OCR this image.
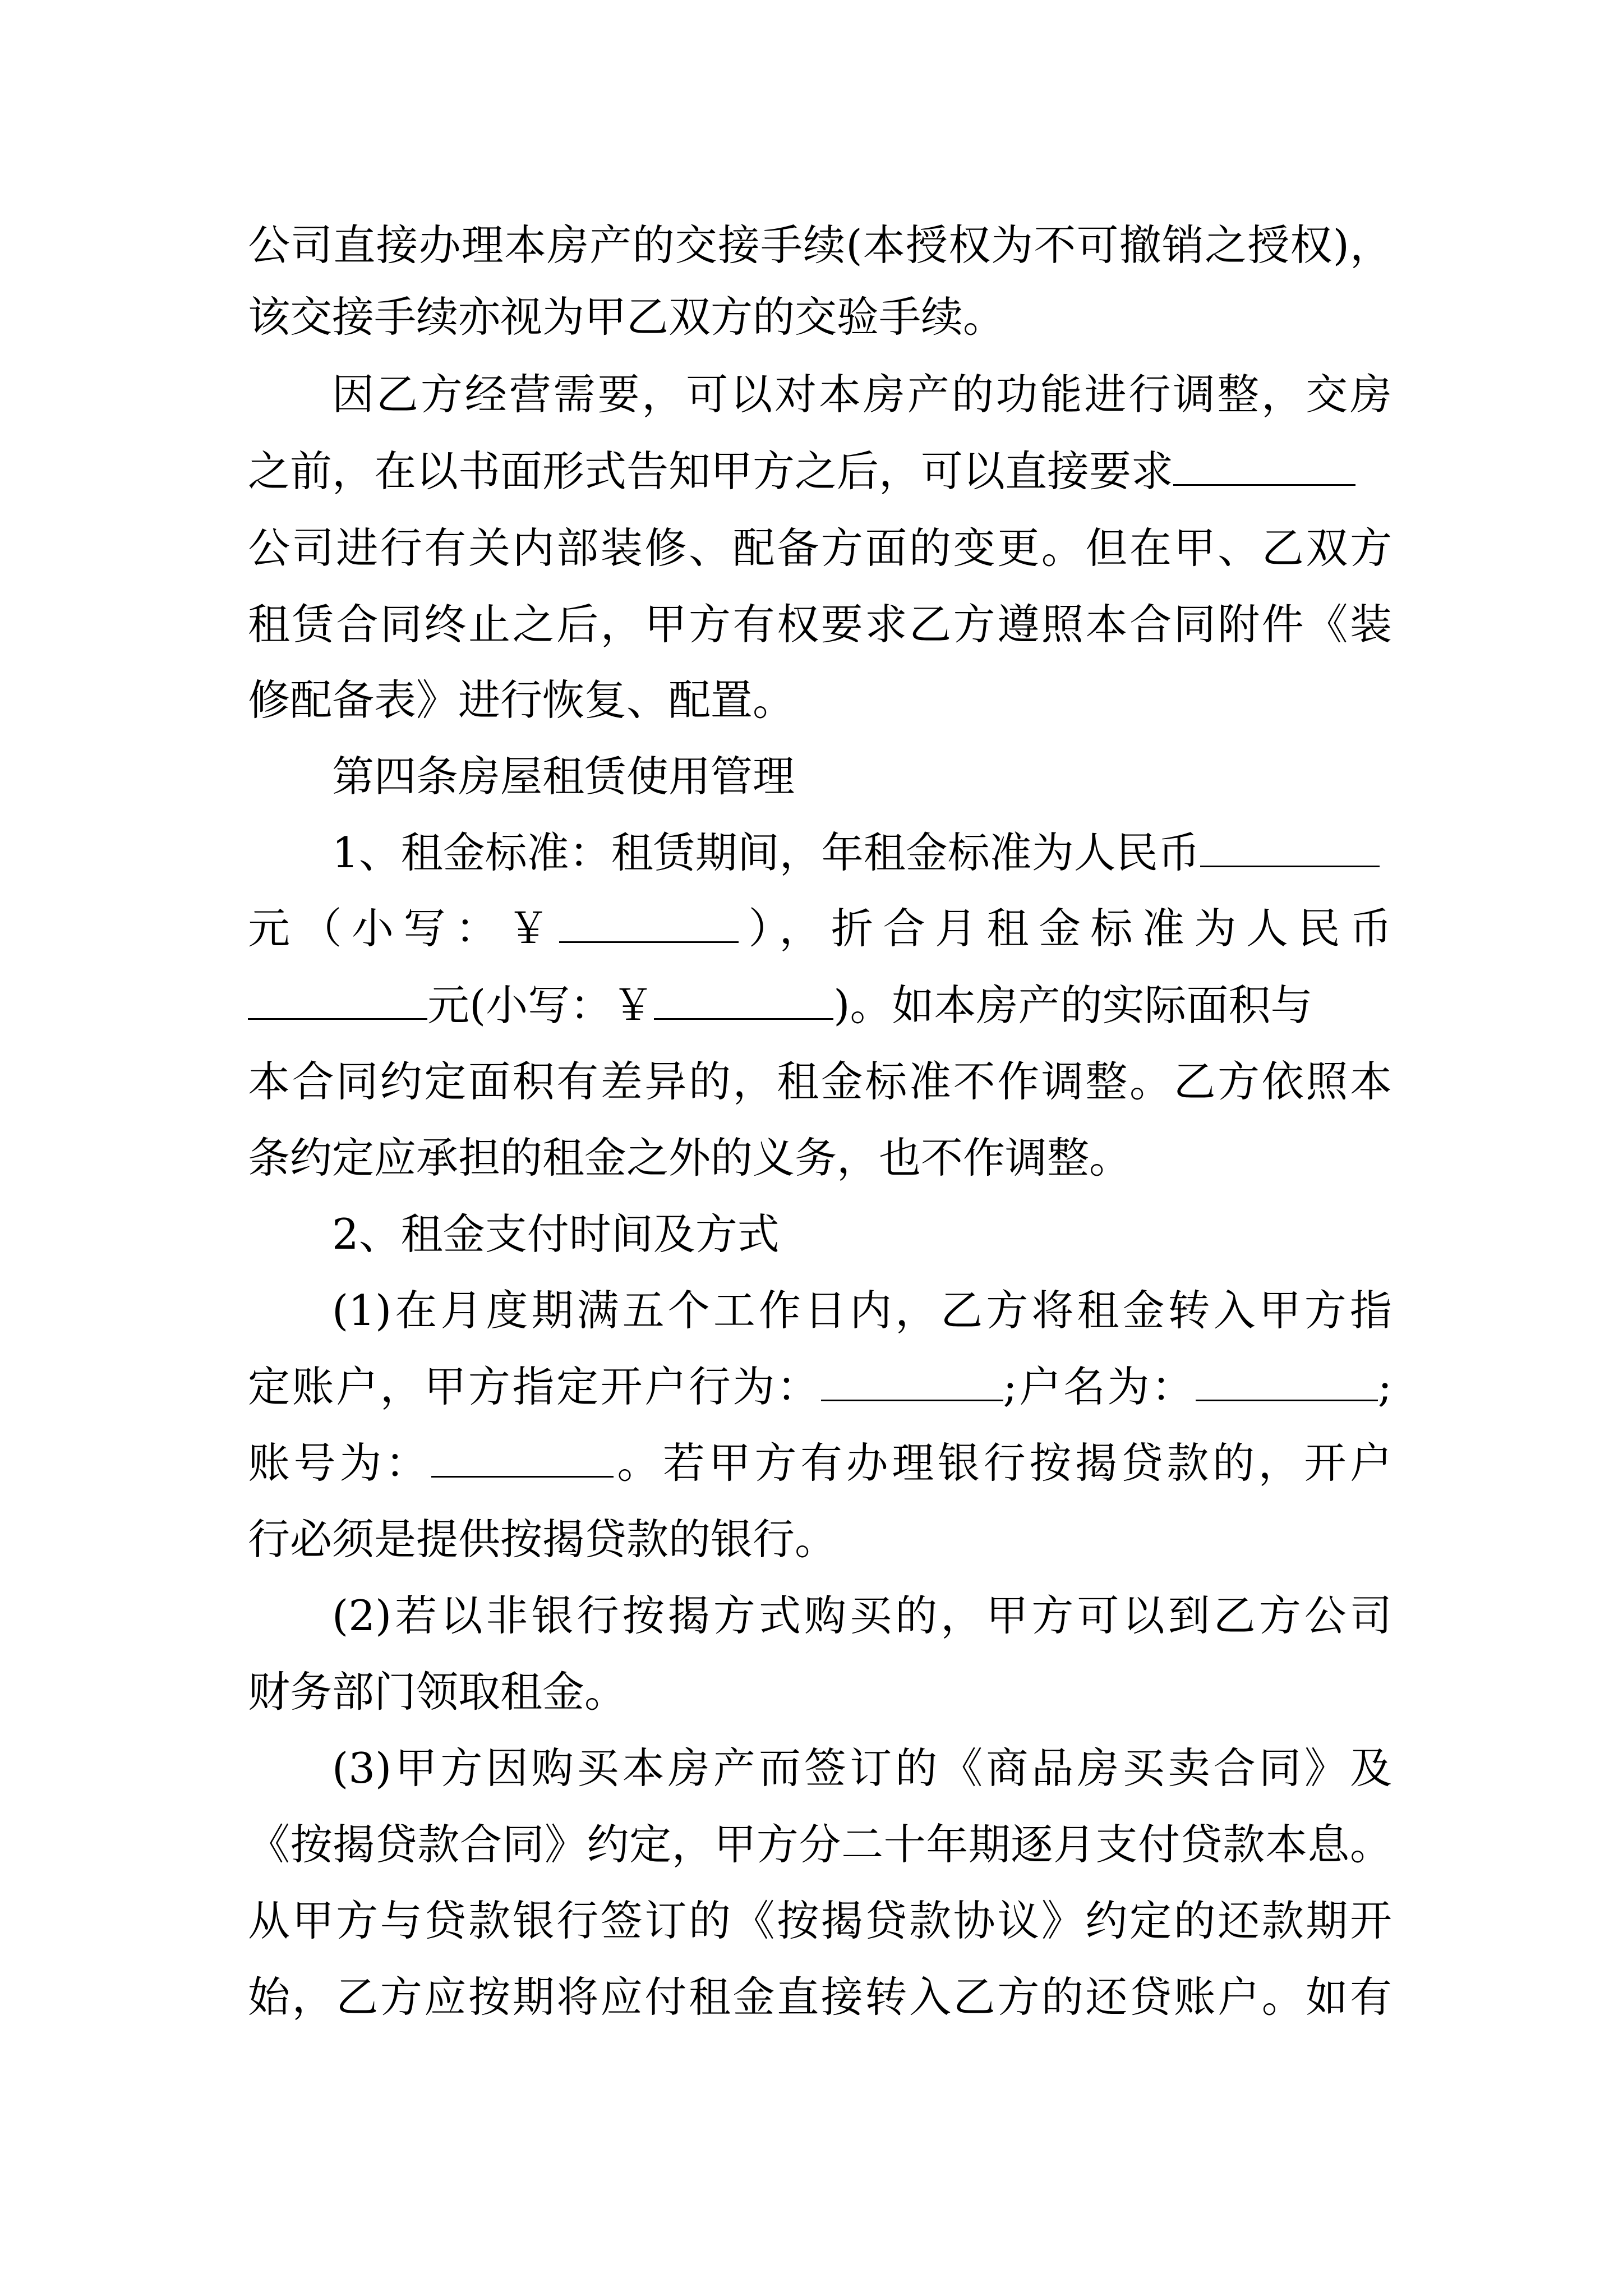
公司直接办理本房产的交接手续(本授权为不可撤销之授权)，
该交接手续亦视为甲乙双方的交验手续。
因乙方经营需要，可以对本房产的功能进行调整，交房
之前，在以书面形式告知甲方之后，可以直接要求
公司进行有关内部装修、配备方面的变更。但在甲、乙双方
租赁合同终止之后，甲方有权要求乙方遵照本合同附件《装
修配备表》进行恢复、配置。
第四条房屋租赁使用管理
1、租金标准：租赁期间，年租金标准为人民币
元（小写：￥	），折合月租金标准为人民币
元(小写：￥	)。如本房产的实际面积与
本合同约定面积有差异的，租金标准不作调整。乙方依照本
条约定应承担的租金之外的义务，也不作调整。
2、租金支付时间及方式
(1)在月度期满五个工作日内，乙方将租金转入甲方指
定账户，甲方指定开户行为：	;户名为：	;
账号为：	。若甲方有办理银行按揭贷款的，开户
行必须是提供按揭贷款的银行。
(2)若以非银行按揭方式购买的，甲方可以到乙方公司
财务部门领取租金。
(3)甲方因购买本房产而签订的《商品房买卖合同》及
《按揭贷款合同》约定，甲方分二十年期逐月支付贷款本息。
从甲方与贷款银行签订的《按揭贷款协议》约定的还款期开
始，乙方应按期将应付租金直接转入乙方的还贷账户。如有
